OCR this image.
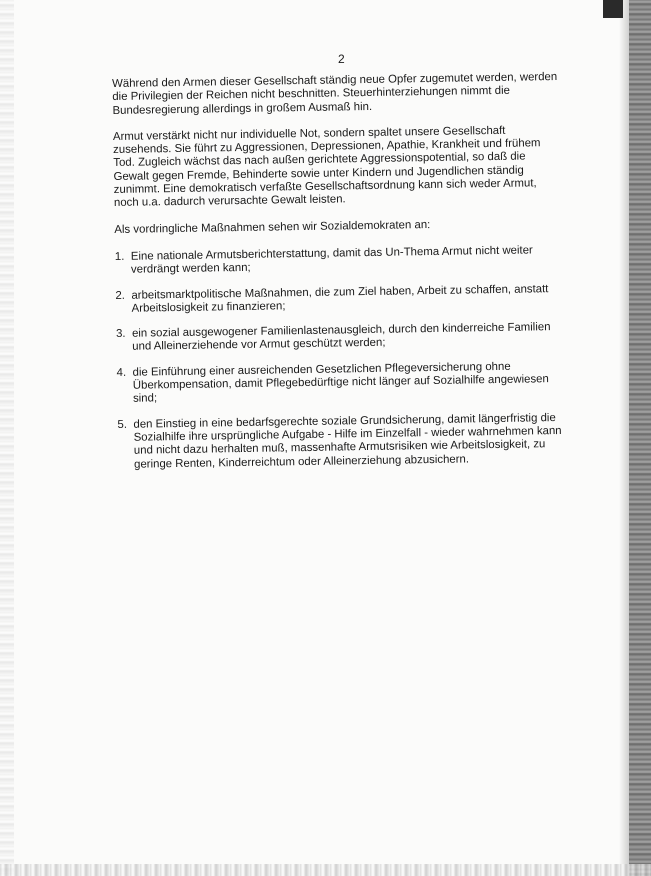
2

Während den Armen dieser Gesellschaft ständig neue Opfer zugemutet werden, werden die Privilegien der Reichen nicht beschnitten. Steuerhinterziehungen nimmt die Bundesregierung allerdings in großem Ausmaß hin.

Armut verstärkt nicht nur individuelle Not, sondern spaltet unsere Gesellschaft zusehends. Sie führt zu Aggressionen, Depressionen, Apathie, Krankheit und frühem Tod. Zugleich wächst das nach außen gerichtete Aggressionspotential, so daß die Gewalt gegen Fremde, Behinderte sowie unter Kindern und Jugendlichen ständig zunimmt. Eine demokratisch verfaßte Gesellschaftsordnung kann sich weder Armut, noch u.a. dadurch verursachte Gewalt leisten.

Als vordringliche Maßnahmen sehen wir Sozialdemokraten an:

1. Eine nationale Armutsberichterstattung, damit das Un-Thema Armut nicht weiter verdrängt werden kann;
2. arbeitsmarktpolitische Maßnahmen, die zum Ziel haben, Arbeit zu schaffen, anstatt Arbeitslosigkeit zu finanzieren;
3. ein sozial ausgewogener Familienlastenausgleich, durch den kinderreiche Familien und Alleinerziehende vor Armut geschützt werden;
4. die Einführung einer ausreichenden Gesetzlichen Pflegeversicherung ohne Überkompensation, damit Pflegebedürftige nicht länger auf Sozialhilfe angewiesen sind;
5. den Einstieg in eine bedarfsgerechte soziale Grundsicherung, damit längerfristig die Sozialhilfe ihre ursprüngliche Aufgabe - Hilfe im Einzelfall - wieder wahrnehmen kann und nicht dazu herhalten muß, massenhafte Armutsrisiken wie Arbeitslosigkeit, zu geringe Renten, Kinderreichtum oder Alleinerziehung abzusichern.
